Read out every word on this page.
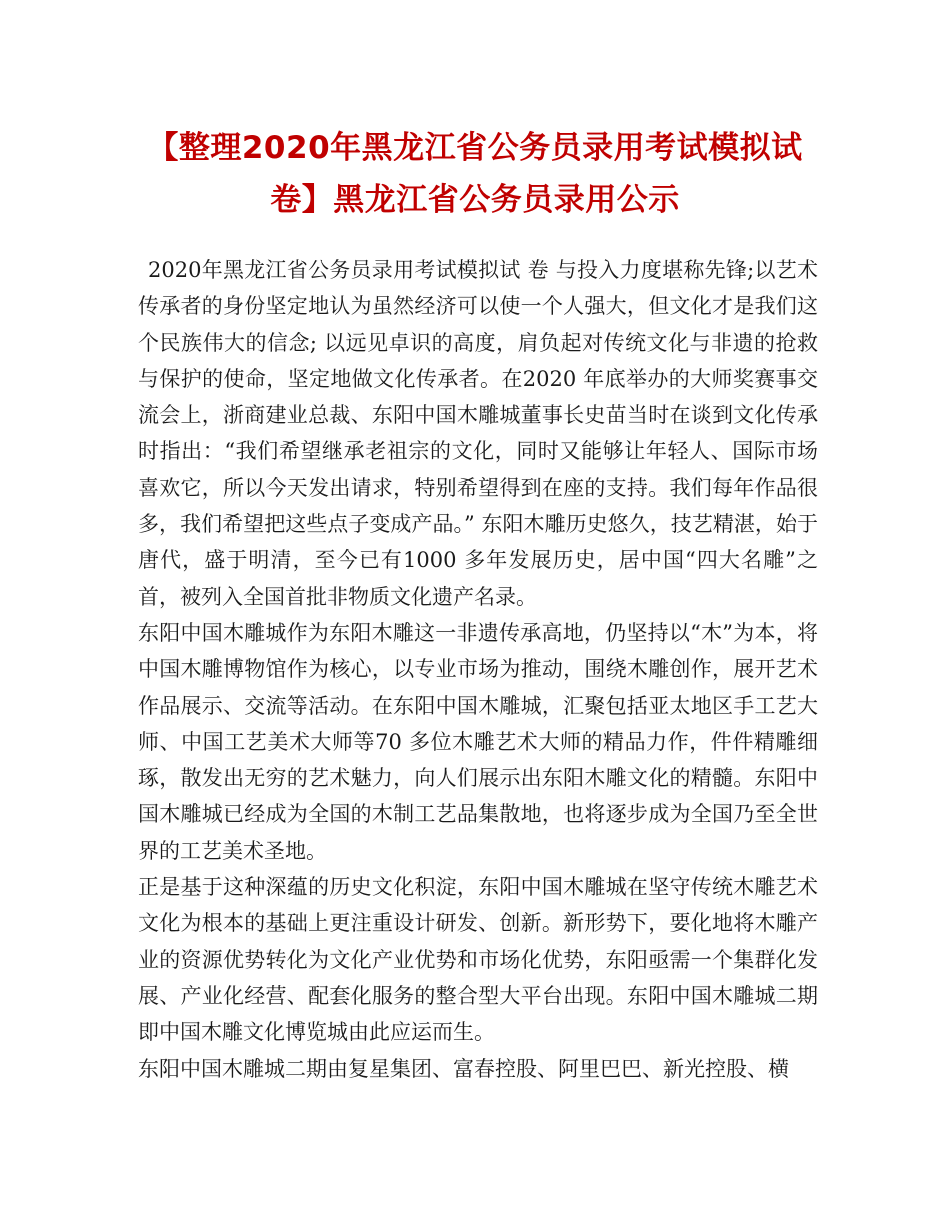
【整理2020年黑龙江省公务员录用考试模拟试卷】黑龙江省公务员录用公示

2020年黑龙江省公务员录用考试模拟试 卷 与投入力度堪称先锋;以艺术传承者的身份坚定地认为虽然经济可以使一个人强大，但文化才是我们这个民族伟大的信念; 以远见卓识的高度，肩负起对传统文化与非遗的抢救与保护的使命，坚定地做文化传承者。在2020 年底举办的大师奖赛事交流会上，浙商建业总裁、东阳中国木雕城董事长史苗当时在谈到文化传承时指出：“我们希望继承老祖宗的文化，同时又能够让年轻人、国际市场喜欢它，所以今天发出请求，特别希望得到在座的支持。我们每年作品很多，我们希望把这些点子变成产品。” 东阳木雕历史悠久，技艺精湛，始于唐代，盛于明清，至今已有1000 多年发展历史，居中国“四大名雕”之首，被列入全国首批非物质文化遗产名录。

东阳中国木雕城作为东阳木雕这一非遗传承高地，仍坚持以“木”为本，将中国木雕博物馆作为核心，以专业市场为推动，围绕木雕创作，展开艺术作品展示、交流等活动。在东阳中国木雕城，汇聚包括亚太地区手工艺大师、中国工艺美术大师等70 多位木雕艺术大师的精品力作，件件精雕细琢，散发出无穷的艺术魅力，向人们展示出东阳木雕文化的精髓。东阳中国木雕城已经成为全国的木制工艺品集散地，也将逐步成为全国乃至全世界的工艺美术圣地。

正是基于这种深蕴的历史文化积淀，东阳中国木雕城在坚守传统木雕艺术文化为根本的基础上更注重设计研发、创新。新形势下，要化地将木雕产业的资源优势转化为文化产业优势和市场化优势，东阳亟需一个集群化发展、产业化经营、配套化服务的整合型大平台出现。东阳中国木雕城二期即中国木雕文化博览城由此应运而生。

东阳中国木雕城二期由复星集团、富春控股、阿里巴巴、新光控股、横
